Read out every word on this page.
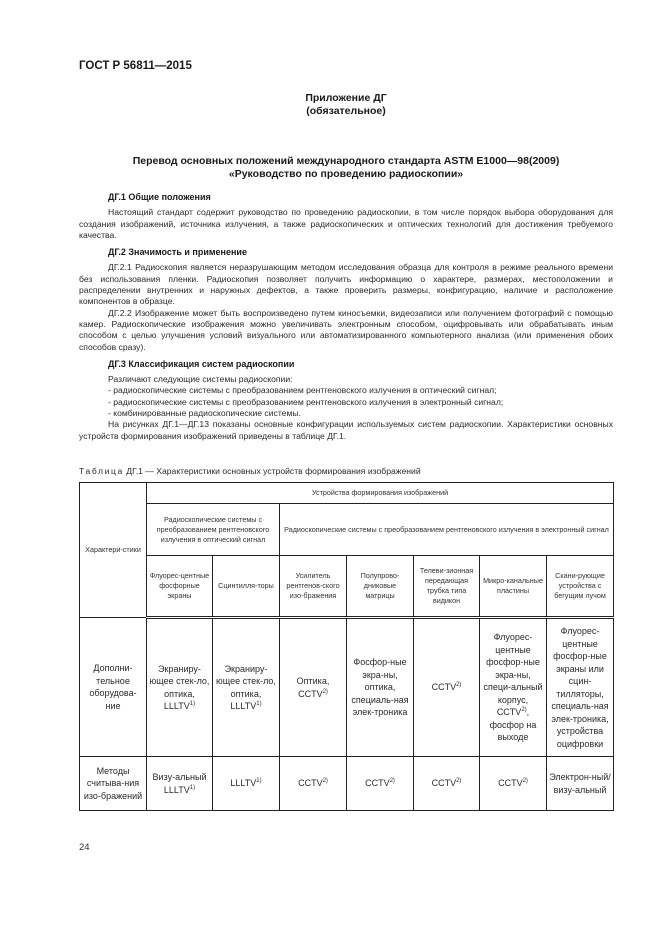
ГОСТ Р 56811—2015
Приложение ДГ
(обязательное)
Перевод основных положений международного стандарта ASTM E1000—98(2009)
«Руководство по проведению радиоскопии»
ДГ.1 Общие положения

Настоящий стандарт содержит руководство по проведению радиоскопии, в том числе порядок выбора оборудования для создания изображений, источника излучения, а также радиоскопических и оптических технологий для достижения требуемого качества.

ДГ.2 Значимость и применение

ДГ.2.1 Радиоскопия является неразрушающим методом исследования образца для контроля в режиме реального времени без использования пленки. Радиоскопия позволяет получить информацию о характере, размерах, местоположении и распределении внутренних и наружных дефектов, а также проверить размеры, конфигурацию, наличие и расположение компонентов в образце.

ДГ.2.2 Изображение может быть воспроизведено путем киносъемки, видеозаписи или получением фотографий с помощью камер. Радиоскопические изображения можно увеличивать электронным способом, оцифровывать или обрабатывать иным способом с целью улучшения условий визуального или автоматизированного компьютерного анализа (или применения обоих способов сразу).

ДГ.3 Классификация систем радиоскопии
Различают следующие системы радиоскопии:
- радиоскопические системы с преобразованием рентгеновского излучения в оптический сигнал;
- радиоскопические системы с преобразованием рентгеновского излучения в электронный сигнал;
- комбинированные радиоскопические системы.

На рисунках ДГ.1—ДГ.13 показаны основные конфигурации используемых систем радиоскопии. Характеристики основных устройств формирования изображений приведены в таблице ДГ.1.

Таблица ДГ.1 — Характеристики основных устройств формирования изображений
Характери-стики	Устройства формирования изображений						
	Радиоскопические системы с преобразованием рентгеновского излучения в оптический сигнал		Радиоскопические системы с преобразованием рентгеновского излучения в электронный сигнал				
	Флуорес-центные фосфорные экраны	Сцинтилля-торы	Усилитель рентгенов-ского изо-бражения	Полупрово-дниковые матрицы	Телеви-зионная передающая трубка типа видикон	Микро-канальные пластины	Скани-рующие устройства с бегущим лучом
Дополни-тельное оборудова-ние	Экраниру-ющее стек-ло, оптика, LLLTV$^{1)}$	Экраниру-ющее стек-ло, оптика, LLLTV$^{1)}$	Оптика, CCTV$^{2)}$	Фосфор-ные экра-ны, оптика, специаль-ная элек-троника	CCTV$^{2)}$	Флуорес-центные фосфор-ные экра-ны, специ-альный корпус, CCTV$^{2)}$, фосфор на выходе	Флуорес-центные фосфор-ные экраны или сцин-тилляторы, специаль-ная элек-троника, устройства оцифровки
Методы считыва-ния изо-бражений	Визу-альный LLLTV$^{1)}$	LLLTV$^{1)}$	CCTV$^{2)}$	CCTV$^{2)}$	CCTV$^{2)}$	CCTV$^{2)}$	Электрон-ный/визу-альный
24
